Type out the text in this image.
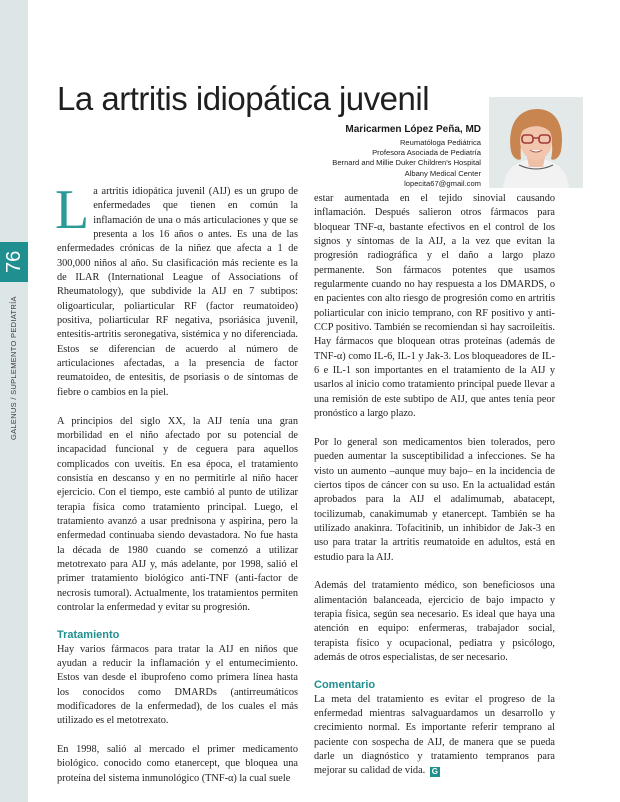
GALENUS / SUPLEMENTO PEDIATRÍA
76
La artritis idiopática juvenil
Maricarmen López Peña, MD
Reumatóloga Pediátrica
Profesora Asociada de Pediatría
Bernard and Millie Duker Children's Hospital
Albany Medical Center
lopecita67@gmail.com

La artritis idiopática juvenil (AIJ) es un grupo de enfermedades que tienen en común la inflamación de una o más articulaciones y que se presenta a los 16 años o antes. Es una de las enfermedades crónicas de la niñez que afecta a 1 de 300,000 niños al año. Su clasificación más reciente es la de ILAR (International League of Associations of Rheumatology), que subdivide la AIJ en 7 subtipos: oligoarticular, poliarticular RF (factor reumatoideo) positiva, poliarticular RF negativa, psoriásica juvenil, entesitis-artritis seronegativa, sistémica y no diferenciada. Estos se diferencian de acuerdo al número de articulaciones afectadas, a la presencia de factor reumatoideo, de entesitis, de psoriasis o de síntomas de fiebre o cambios en la piel.

A principios del siglo XX, la AIJ tenía una gran morbilidad en el niño afectado por su potencial de incapacidad funcional y de ceguera para aquellos complicados con uveítis. En esa época, el tratamiento consistía en descanso y en no permitirle al niño hacer ejercicio. Con el tiempo, este cambió al punto de utilizar terapia física como tratamiento principal. Luego, el tratamiento avanzó a usar prednisona y aspirina, pero la enfermedad continuaba siendo devastadora. No fue hasta la década de 1980 cuando se comenzó a utilizar metotrexato para AIJ y, más adelante, por 1998, salió el primer tratamiento biológico anti-TNF (anti-factor de necrosis tumoral). Actualmente, los tratamientos permiten controlar la enfermedad y evitar su progresión.

Tratamiento

Hay varios fármacos para tratar la AIJ en niños que ayudan a reducir la inflamación y el entumecimiento. Estos van desde el ibuprofeno como primera línea hasta los conocidos como DMARDs (antirreumáticos modificadores de la enfermedad), de los cuales el más utilizado es el metotrexato.

En 1998, salió al mercado el primer medicamento biológico. conocido como etanercept, que bloquea una proteína del sistema inmunológico (TNF-α) la cual suele

estar aumentada en el tejido sinovial causando inflamación. Después salieron otros fármacos para bloquear TNF-α, bastante efectivos en el control de los signos y síntomas de la AIJ, a la vez que evitan la progresión radiográfica y el daño a largo plazo permanente. Son fármacos potentes que usamos regularmente cuando no hay respuesta a los DMARDS, o en pacientes con alto riesgo de progresión como en artritis poliarticular con inicio temprano, con RF positivo y anti-CCP positivo. También se recomiendan si hay sacroileítis. Hay fármacos que bloquean otras proteínas (además de TNF-α) como IL-6, IL-1 y Jak-3. Los bloqueadores de IL-6 e IL-1 son importantes en el tratamiento de la AIJ y usarlos al inicio como tratamiento principal puede llevar a una remisión de este subtipo de AIJ, que antes tenía peor pronóstico a largo plazo.

Por lo general son medicamentos bien tolerados, pero pueden aumentar la susceptibilidad a infecciones. Se ha visto un aumento –aunque muy bajo– en la incidencia de ciertos tipos de cáncer con su uso. En la actualidad están aprobados para la AIJ el adalimumab, abatacept, tocilizumab, canakimumab y etanercept. También se ha utilizado anakinra. Tofacitinib, un inhibidor de Jak-3 en uso para tratar la artritis reumatoide en adultos, está en estudio para la AIJ.

Además del tratamiento médico, son beneficiosos una alimentación balanceada, ejercicio de bajo impacto y terapia física, según sea necesario. Es ideal que haya una atención en equipo: enfermeras, trabajador social, terapista físico y ocupacional, pediatra y psicólogo, además de otros especialistas, de ser necesario.

Comentario

La meta del tratamiento es evitar el progreso de la enfermedad mientras salvaguardamos un desarrollo y crecimiento normal. Es importante referir temprano al paciente con sospecha de AIJ, de manera que se pueda darle un diagnóstico y tratamiento tempranos para mejorar su calidad de vida. G
